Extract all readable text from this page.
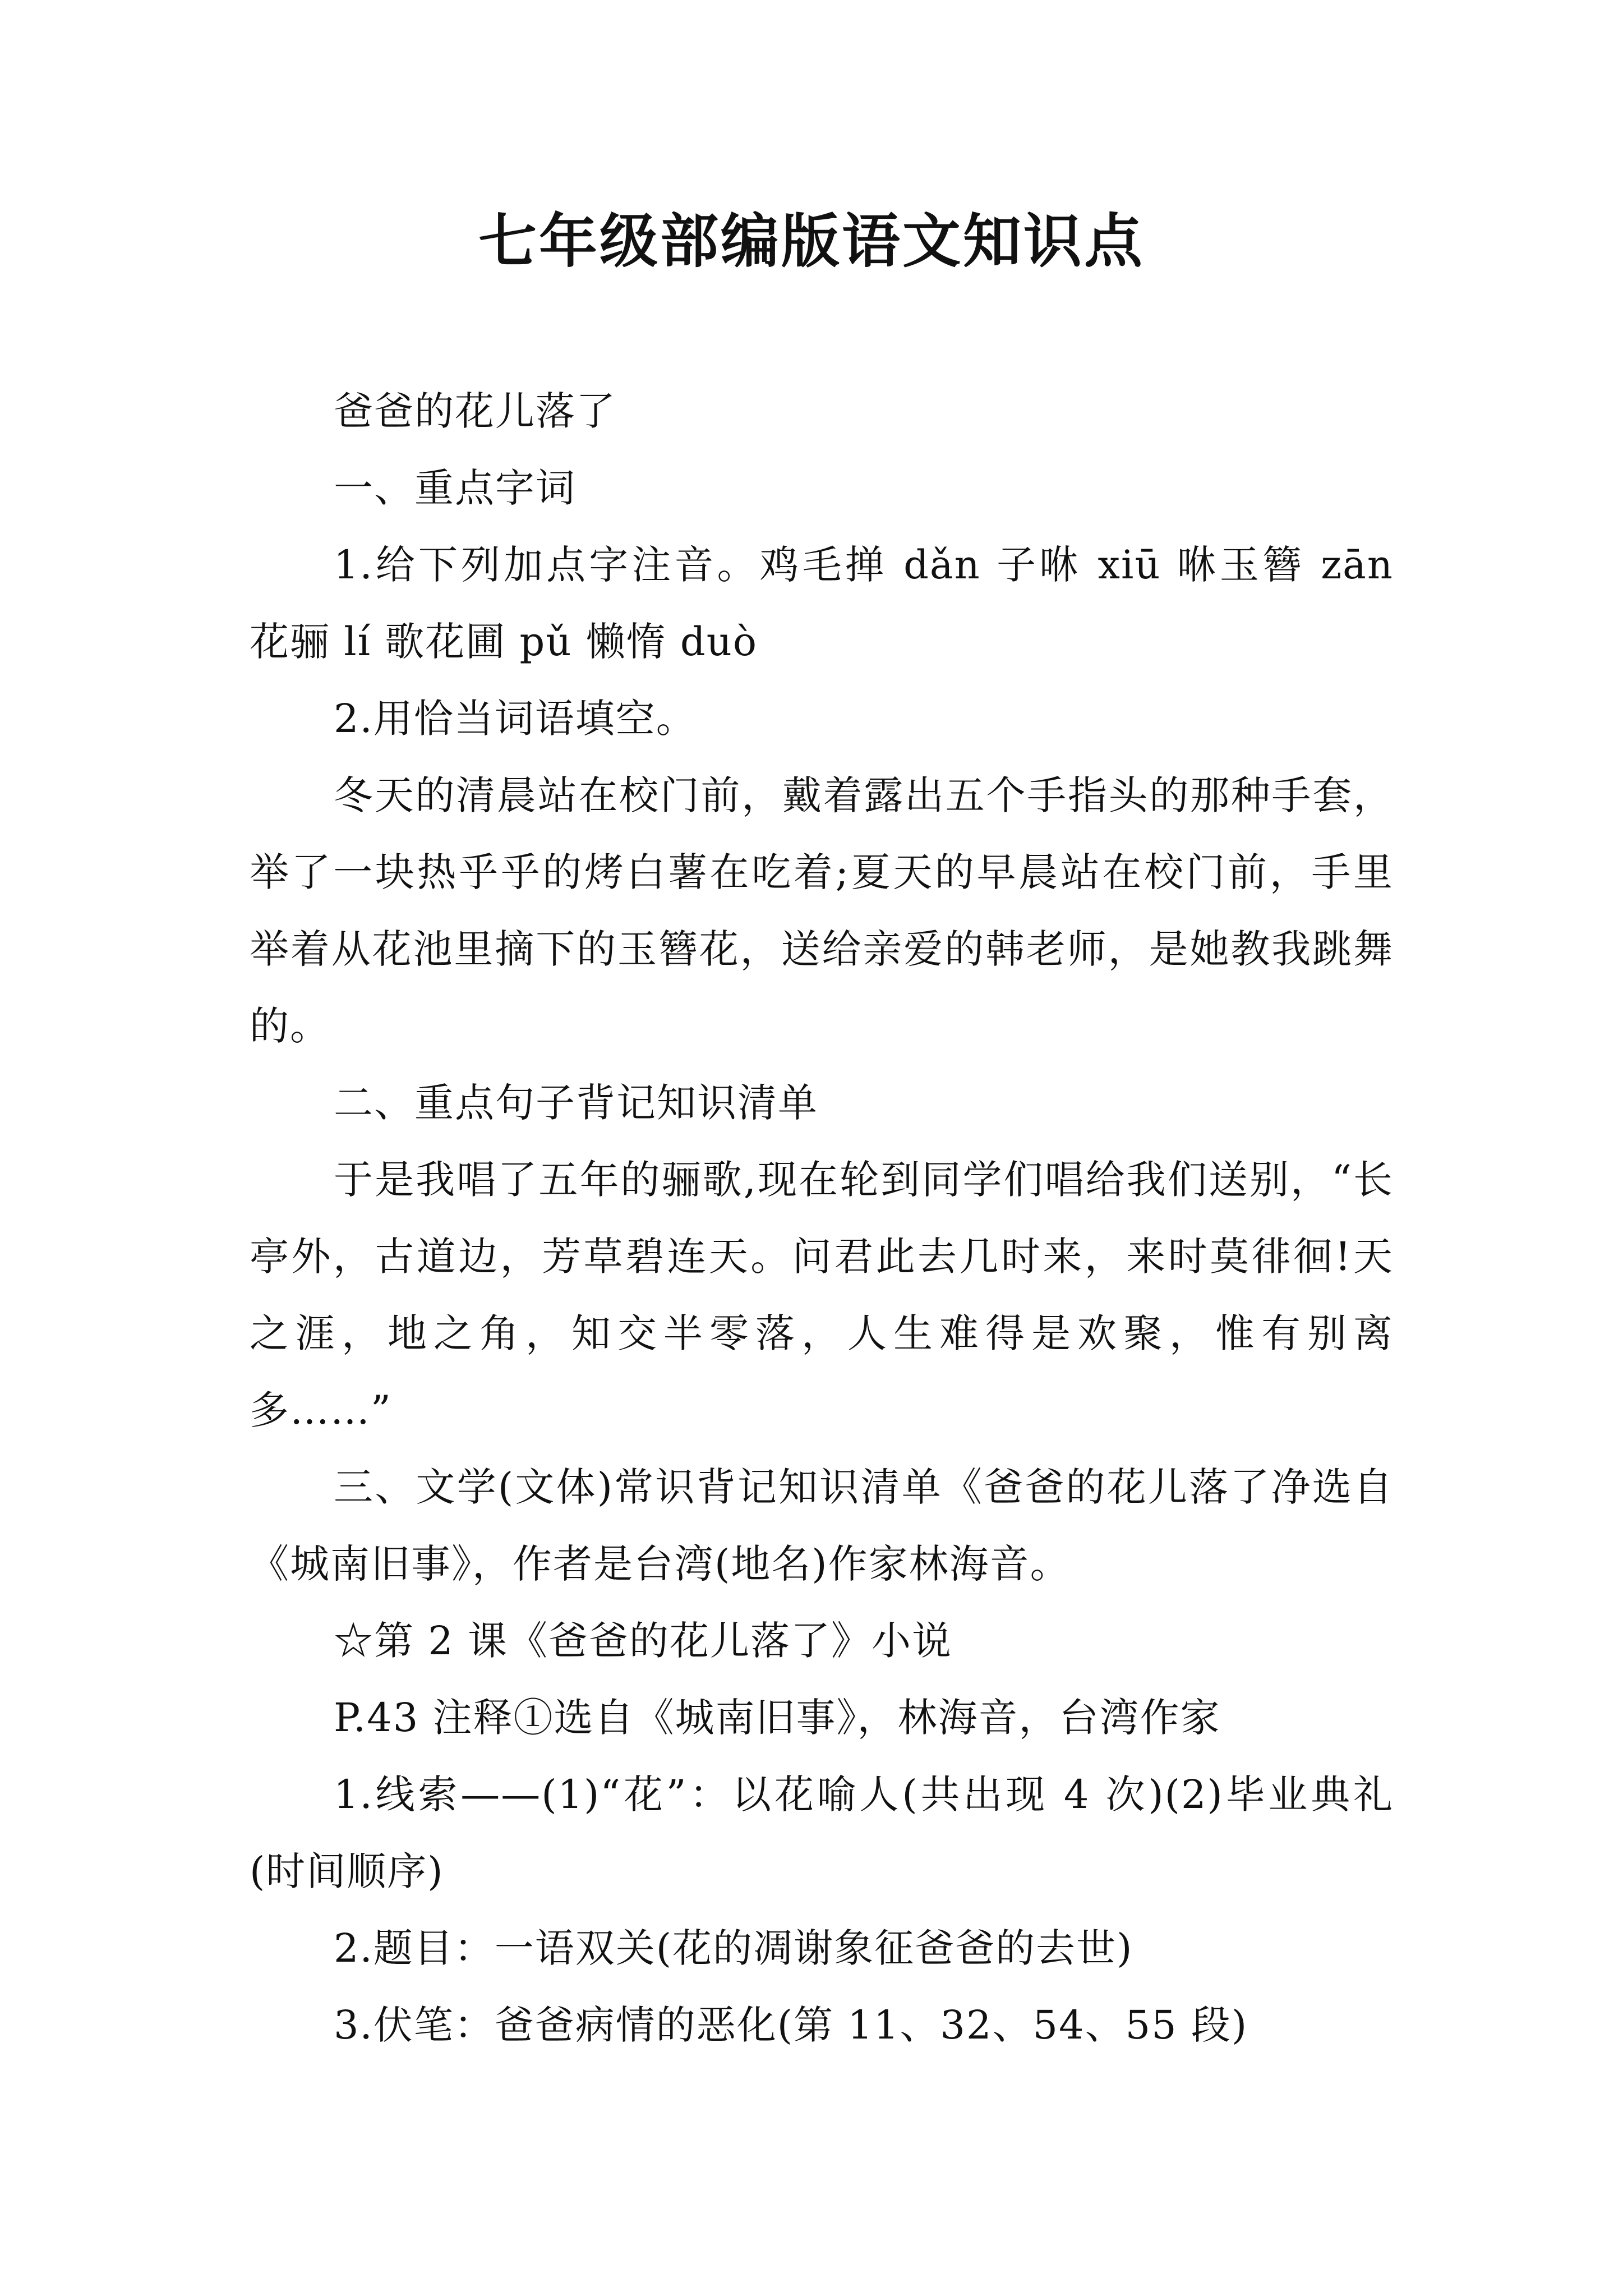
七年级部编版语文知识点

爸爸的花儿落了

一、重点字词

1.给下列加点字注音。鸡毛掸 dǎn 子咻 xiū 咻玉簪 zān 花骊 lí 歌花圃 pǔ 懒惰 duò

2.用恰当词语填空。

冬天的清晨站在校门前，戴着露出五个手指头的那种手套，举了一块热乎乎的烤白薯在吃着;夏天的早晨站在校门前，手里举着从花池里摘下的玉簪花，送给亲爱的韩老师，是她教我跳舞的。

二、重点句子背记知识清单

于是我唱了五年的骊歌,现在轮到同学们唱给我们送别，“长亭外，古道边，芳草碧连天。问君此去几时来，来时莫徘徊!天之涯，地之角，知交半零落，人生难得是欢聚，惟有别离多……”

三、文学(文体)常识背记知识清单《爸爸的花儿落了净选自《城南旧事》，作者是台湾(地名)作家林海音。

☆第 2 课《爸爸的花儿落了》小说

P.43 注释①选自《城南旧事》，林海音，台湾作家

1.线索——(1)“花”：以花喻人(共出现 4 次)(2)毕业典礼(时间顺序)

2.题目：一语双关(花的凋谢象征爸爸的去世)

3.伏笔：爸爸病情的恶化(第 11、32、54、55 段)
